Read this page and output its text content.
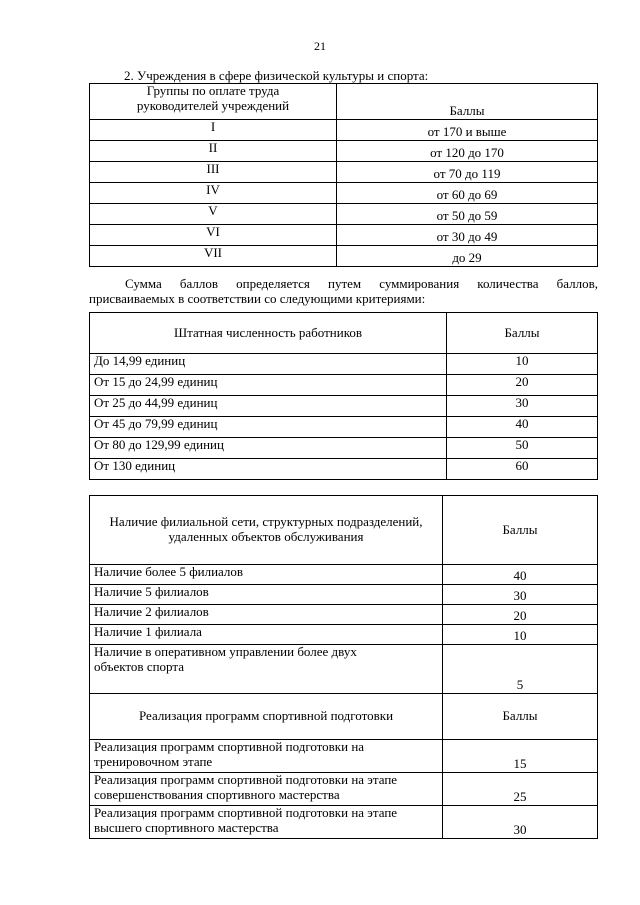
21
2. Учреждения в сфере физической культуры и спорта:
Группы по оплате труда
руководителей учреждений	Баллы
I	от 170 и выше
II	от 120 до 170
III	от 70 до 119
IV	от 60 до 69
V	от 50 до 59
VI	от 30 до 49
VII	до 29
Сумма баллов определяется путем суммирования количества баллов,
присваиваемых в соответствии со следующими критериями:
Штатная численность работников	Баллы
До 14,99 единиц	10
От 15 до 24,99 единиц	20
От 25 до 44,99 единиц	30
От 45 до 79,99 единиц	40
От 80 до 129,99 единиц	50
От 130 единиц	60
Наличие филиальной сети, структурных подразделений,
удаленных объектов обслуживания	Баллы
Наличие более 5 филиалов	40
Наличие 5 филиалов	30
Наличие 2 филиалов	20
Наличие 1 филиала	10
Наличие в оперативном управлении более двух
объектов спорта	5
Реализация программ спортивной подготовки	Баллы
Реализация программ спортивной подготовки на
тренировочном этапе	15
Реализация программ спортивной подготовки на этапе
совершенствования спортивного мастерства	25
Реализация программ спортивной подготовки на этапе
высшего спортивного мастерства	30
